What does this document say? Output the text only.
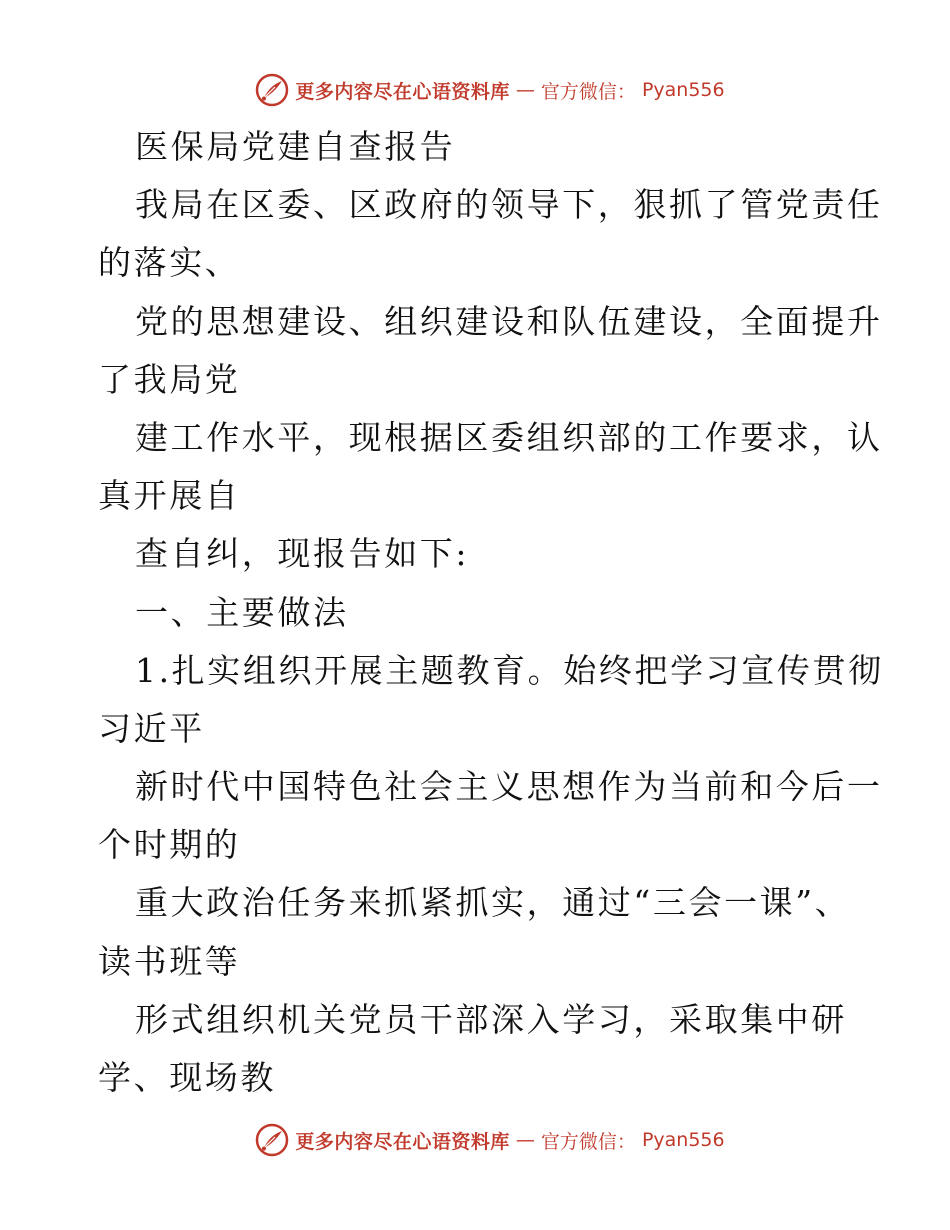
更多内容尽在心语资料库 — 官方微信： Pyan556
医保局党建自查报告
我局在区委、区政府的领导下，狠抓了管党责任
的落实、
党的思想建设、组织建设和队伍建设，全面提升
了我局党
建工作水平，现根据区委组织部的工作要求，认
真开展自
查自纠，现报告如下:
一、主要做法
1.扎实组织开展主题教育。始终把学习宣传贯彻
习近平
新时代中国特色社会主义思想作为当前和今后一
个时期的
重大政治任务来抓紧抓实，通过“三会一课”、
读书班等
形式组织机关党员干部深入学习，采取集中研
学、现场教
更多内容尽在心语资料库 — 官方微信： Pyan556
